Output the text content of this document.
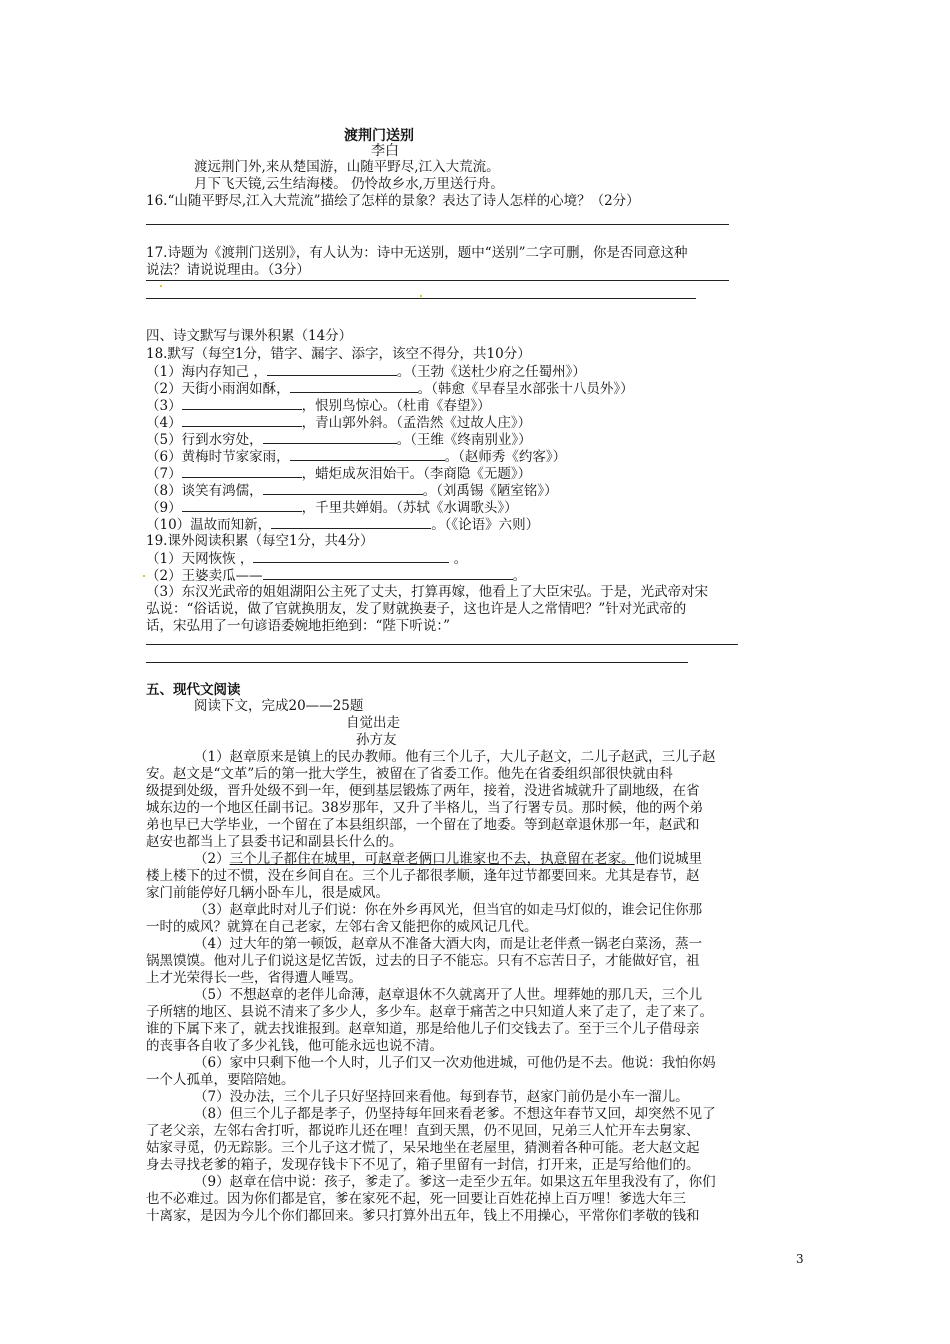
渡荆门送别
李白
渡远荆门外,来从楚国游，山随平野尽,江入大荒流。
月下飞天镜,云生结海楼。 仍怜故乡水,万里送行舟。
16.“山随平野尽,江入大荒流”描绘了怎样的景象？表达了诗人怎样的心境？（2分）
17.诗题为《渡荆门送别》，有人认为：诗中无送别，题中“送别”二字可删，你是否同意这种
说法？请说说理由。（3分）
四、诗文默写与课外积累（14分）
18.默写（每空1分，错字、漏字、添字，该空不得分，共10分）
（1）海内存知己 ，	。（王勃《送杜少府之任蜀州》）
（2）天街小雨润如酥，	。（韩愈《早春呈水部张十八员外》）
（3）	，恨别鸟惊心。（杜甫《春望》）
（4）	，青山郭外斜。（孟浩然《过故人庄》）
（5）行到水穷处，	。（王维《终南别业》）
（6）黄梅时节家家雨，	。（赵师秀《约客》）
（7）	，蜡炬成灰泪始干。（李商隐《无题》）
（8）谈笑有鸿儒，	。（刘禹锡《陋室铭》）
（9）	，千里共婵娟。（苏轼《水调歌头》）
（10）温故而知新，	。（《论语》六则）
19.课外阅读积累（每空1分，共4分）
（1）天网恢恢 ，	。
（2）王婆卖瓜——	。
（3）东汉光武帝的姐姐湖阳公主死了丈夫，打算再嫁，他看上了大臣宋弘。于是，光武帝对宋
弘说：“俗话说，做了官就换朋友，发了财就换妻子，这也许是人之常情吧？”针对光武帝的
话，宋弘用了一句谚语委婉地拒绝到：“陛下听说：”
五、现代文阅读
阅读下文，完成20——25题
自觉出走
孙方友
（1）赵章原来是镇上的民办教师。他有三个儿子，大儿子赵文，二儿子赵武，三儿子赵
安。赵文是“文革”后的第一批大学生，被留在了省委工作。他先在省委组织部很快就由科
级提到处级，晋升处级不到一年，便到基层锻炼了两年，接着，没进省城就升了副地级，在省
城东边的一个地区任副书记。38岁那年，又升了半格儿，当了行署专员。那时候，他的两个弟
弟也早已大学毕业，一个留在了本县组织部，一个留在了地委。等到赵章退休那一年，赵武和
赵安也都当上了县委书记和副县长什么的。
（2）三个儿子都住在城里，可赵章老俩口儿谁家也不去，执意留在老家。他们说城里
楼上楼下的过不惯，没在乡间自在。三个儿子都很孝顺，逢年过节都要回来。尤其是春节，赵
家门前能停好几辆小卧车儿，很是威风。
（3）赵章此时对儿子们说：你在外乡再风光，但当官的如走马灯似的，谁会记住你那
一时的威风？就算在自己老家，左邻右舍又能把你的威风记几代。
（4）过大年的第一顿饭，赵章从不准备大酒大肉，而是让老伴煮一锅老白菜汤，蒸一
锅黑馍馍。他对儿子们说这是忆苦饭，过去的日子不能忘。只有不忘苦日子，才能做好官，祖
上才光荣得长一些，省得遭人唾骂。
（5）不想赵章的老伴儿命薄，赵章退休不久就离开了人世。埋葬她的那几天，三个儿
子所辖的地区、县说不清来了多少人，多少车。赵章于痛苦之中只知道人来了走了，走了来了。
谁的下属下来了，就去找谁报到。赵章知道，那是给他儿子们交钱去了。至于三个儿子借母亲
的丧事各自收了多少礼钱，他可能永远也说不清。
（6）家中只剩下他一个人时，儿子们又一次劝他进城，可他仍是不去。他说：我怕你妈
一个人孤单，要陪陪她。
（7）没办法，三个儿子只好坚持回来看他。每到春节，赵家门前仍是小车一溜儿。
（8）但三个儿子都是孝子，仍坚持每年回来看老爹。不想这年春节又回，却突然不见了
了老父亲，左邻右舍打听，都说昨儿还在哩！直到天黑，仍不见回，兄弟三人忙开车去舅家、
姑家寻觅，仍无踪影。三个儿子这才慌了，呆呆地坐在老屋里，猜测着各种可能。老大赵文起
身去寻找老爹的箱子，发现存钱卡下不见了，箱子里留有一封信，打开来，正是写给他们的。
（9）赵章在信中说：孩子，爹走了。爹这一走至少五年。如果这五年里我没有了，你们
也不必难过。因为你们都是官，爹在家死不起，死一回要让百姓花掉上百万哩！爹选大年三
十离家，是因为今儿个你们都回来。爹只打算外出五年，钱上不用操心，平常你们孝敬的钱和
3
